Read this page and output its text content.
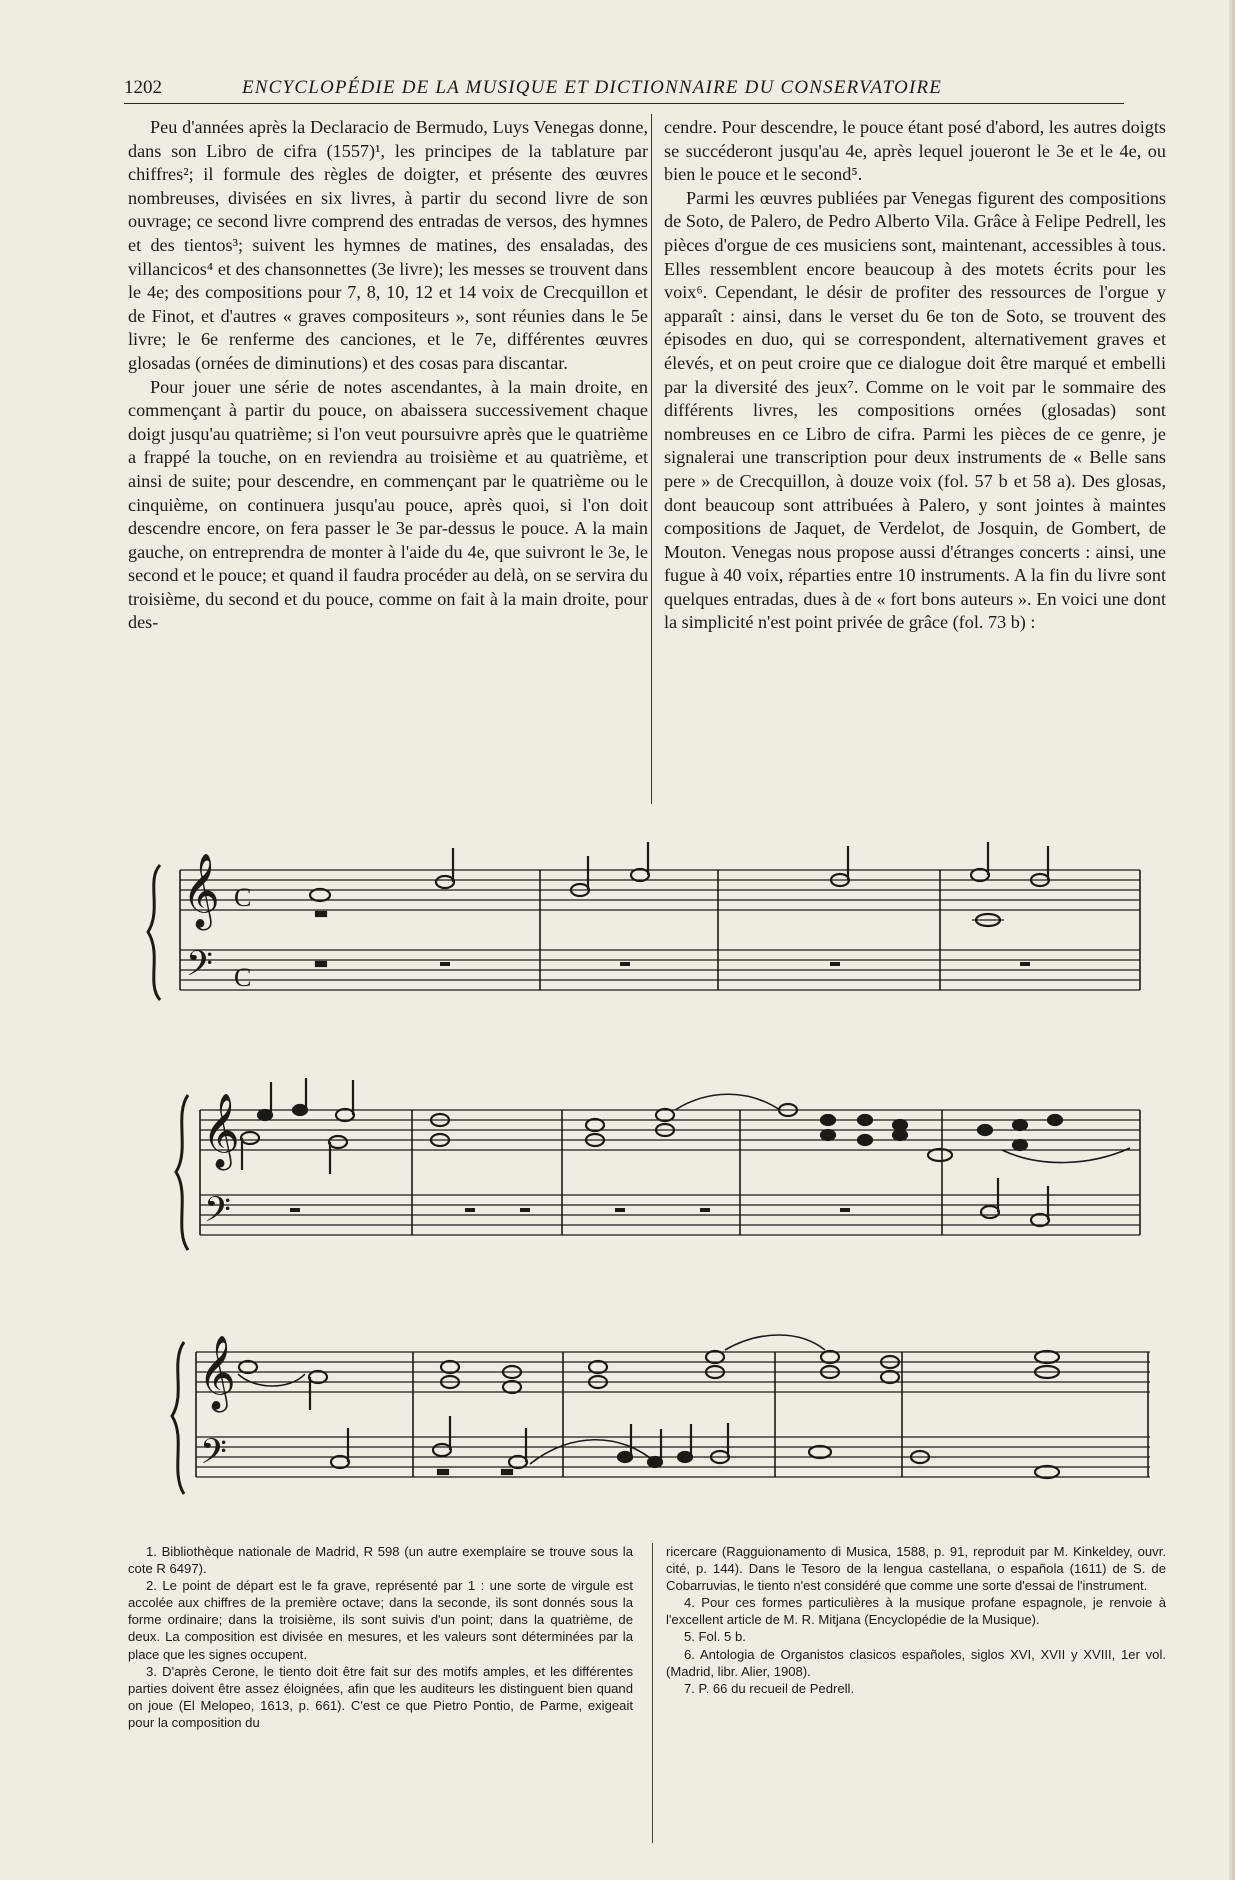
1202	ENCYCLOPÉDIE DE LA MUSIQUE ET DICTIONNAIRE DU CONSERVATOIRE

Peu d'années après la Declaracio de Bermudo, Luys Venegas donne, dans son Libro de cifra (1557)¹, les principes de la tablature par chiffres²; il formule des règles de doigter, et présente des œuvres nombreuses, divisées en six livres, à partir du second livre de son ouvrage; ce second livre comprend des entradas de versos, des hymnes et des tientos³; suivent les hymnes de matines, des ensaladas, des villancicos⁴ et des chansonnettes (3e livre); les messes se trouvent dans le 4e; des compositions pour 7, 8, 10, 12 et 14 voix de Crecquillon et de Finot, et d'autres « graves compositeurs », sont réunies dans le 5e livre; le 6e renferme des canciones, et le 7e, différentes œuvres glosadas (ornées de diminutions) et des cosas para discantar.

Pour jouer une série de notes ascendantes, à la main droite, en commençant à partir du pouce, on abaissera successivement chaque doigt jusqu'au quatrième; si l'on veut poursuivre après que le quatrième a frappé la touche, on en reviendra au troisième et au quatrième, et ainsi de suite; pour descendre, en commençant par le quatrième ou le cinquième, on continuera jusqu'au pouce, après quoi, si l'on doit descendre encore, on fera passer le 3e par-dessus le pouce. A la main gauche, on entreprendra de monter à l'aide du 4e, que suivront le 3e, le second et le pouce; et quand il faudra procéder au delà, on se servira du troisième, du second et du pouce, comme on fait à la main droite, pour des-

cendre. Pour descendre, le pouce étant posé d'abord, les autres doigts se succéderont jusqu'au 4e, après lequel joueront le 3e et le 4e, ou bien le pouce et le second⁵.

Parmi les œuvres publiées par Venegas figurent des compositions de Soto, de Palero, de Pedro Alberto Vila. Grâce à Felipe Pedrell, les pièces d'orgue de ces musiciens sont, maintenant, accessibles à tous. Elles ressemblent encore beaucoup à des motets écrits pour les voix⁶. Cependant, le désir de profiter des ressources de l'orgue y apparaît : ainsi, dans le verset du 6e ton de Soto, se trouvent des épisodes en duo, qui se correspondent, alternativement graves et élevés, et on peut croire que ce dialogue doit être marqué et embelli par la diversité des jeux⁷. Comme on le voit par le sommaire des différents livres, les compositions ornées (glosadas) sont nombreuses en ce Libro de cifra. Parmi les pièces de ce genre, je signalerai une transcription pour deux instruments de « Belle sans pere » de Crecquillon, à douze voix (fol. 57 b et 58 a). Des glosas, dont beaucoup sont attribuées à Palero, y sont jointes à maintes compositions de Jaquet, de Verdelot, de Josquin, de Gombert, de Mouton. Venegas nous propose aussi d'étranges concerts : ainsi, une fugue à 40 voix, réparties entre 10 instruments. A la fin du livre sont quelques entradas, dues à de « fort bons auteurs ». En voici une dont la simplicité n'est point privée de grâce (fol. 73 b) :

𝄞
𝄢
C
C
𝄞
𝄢
𝄞
𝄢

1. Bibliothèque nationale de Madrid, R 598 (un autre exemplaire se trouve sous la cote R 6497).

2. Le point de départ est le fa grave, représenté par 1 : une sorte de virgule est accolée aux chiffres de la première octave; dans la seconde, ils sont donnés sous la forme ordinaire; dans la troisième, ils sont suivis d'un point; dans la quatrième, de deux. La composition est divisée en mesures, et les valeurs sont déterminées par la place que les signes occupent.

3. D'après Cerone, le tiento doit être fait sur des motifs amples, et les différentes parties doivent être assez éloignées, afin que les auditeurs les distinguent bien quand on joue (El Melopeo, 1613, p. 661). C'est ce que Pietro Pontio, de Parme, exigeait pour la composition du

ricercare (Ragguionamento di Musica, 1588, p. 91, reproduit par M. Kinkeldey, ouvr. cité, p. 144). Dans le Tesoro de la lengua castellana, o española (1611) de S. de Cobarruvias, le tiento n'est considéré que comme une sorte d'essai de l'instrument.

4. Pour ces formes particulières à la musique profane espagnole, je renvoie à l'excellent article de M. R. Mitjana (Encyclopédie de la Musique).

5. Fol. 5 b.

6. Antologia de Organistos clasicos españoles, siglos XVI, XVII y XVIII, 1er vol. (Madrid, libr. Alier, 1908).

7. P. 66 du recueil de Pedrell.
